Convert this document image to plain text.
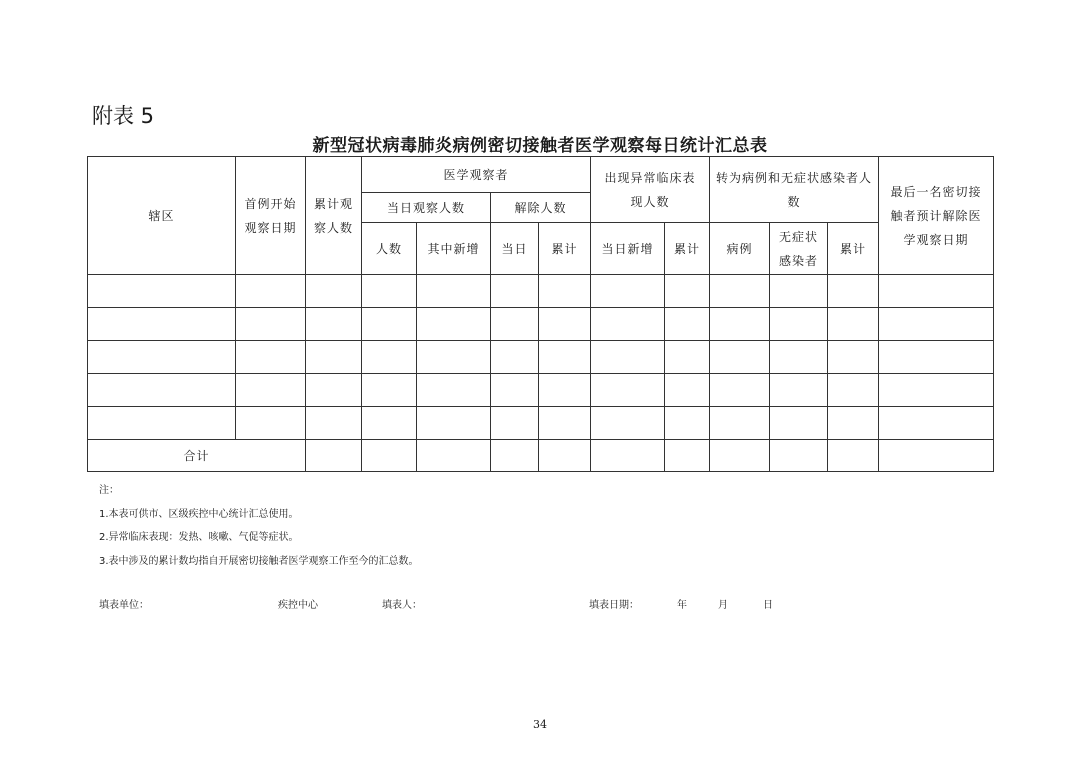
附表 5
新型冠状病毒肺炎病例密切接触者医学观察每日统计汇总表
辖区	首例开始观察日期	累计观察人数	医学观察者				出现异常临床表现人数		转为病例和无症状感染者人数			最后一名密切接触者预计解除医学观察日期
			当日观察人数		解除人数							
			人数	其中新增	当日	累计	当日新增	累计	病例	无症状感染者	累计	

合计												
注：
1.本表可供市、区级疾控中心统计汇总使用。
2.异常临床表现：发热、咳嗽、气促等症状。
3.表中涉及的累计数均指自开展密切接触者医学观察工作至今的汇总数。
填表单位：	疾控中心	填表人：	填表日期：	年	月	日
34
